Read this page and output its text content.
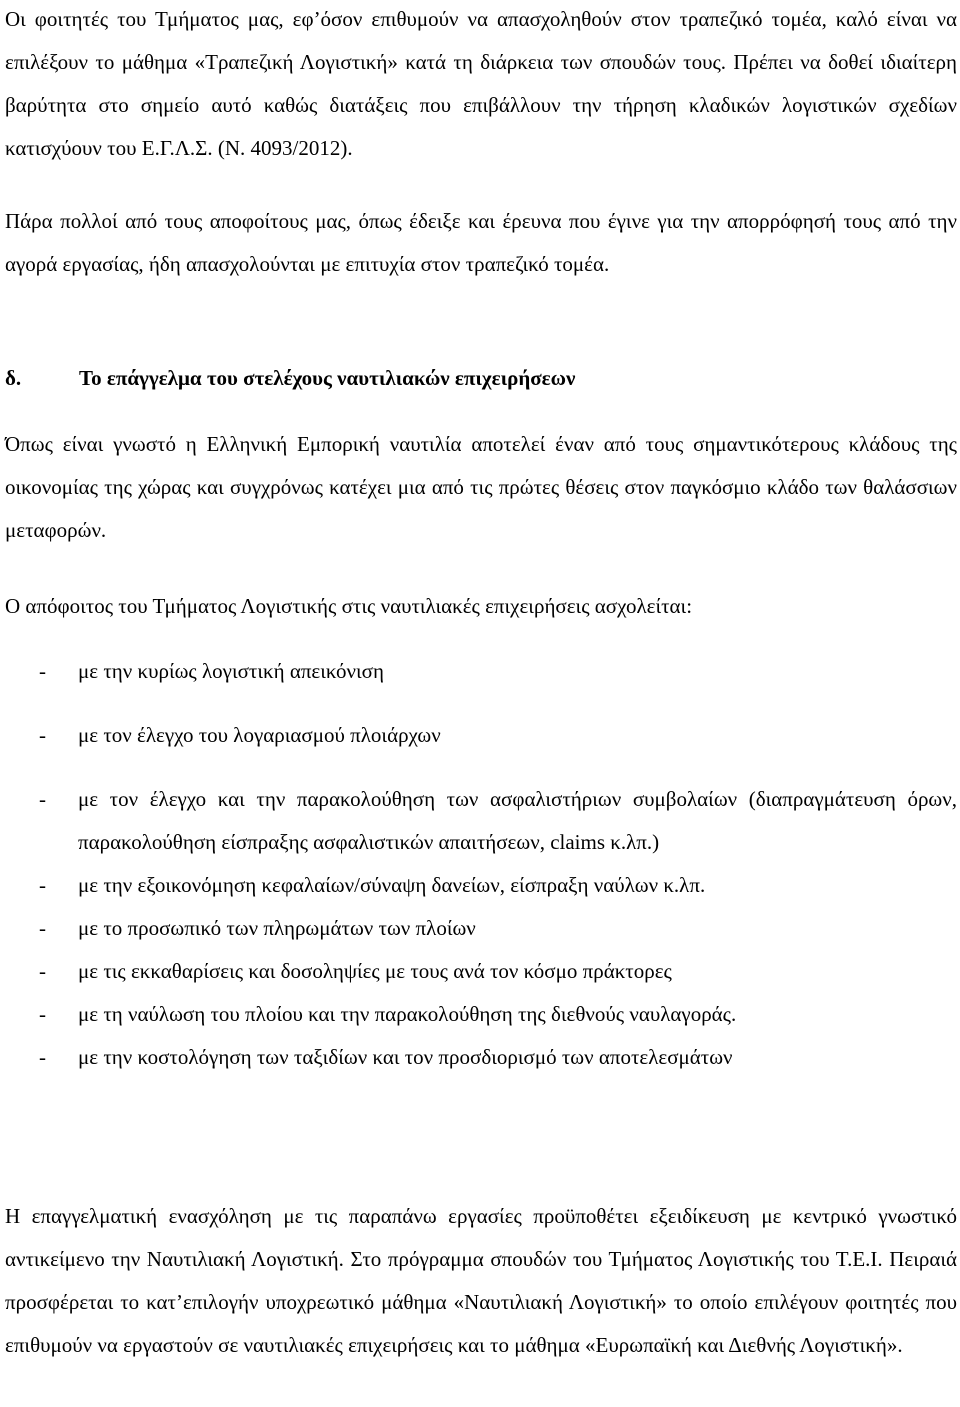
Οι φοιτητές του Τμήματος μας, εφ’όσον επιθυμούν να απασχοληθούν στον τραπεζικό τομέα, καλό είναι να επιλέξουν το μάθημα «Τραπεζική Λογιστική» κατά τη διάρκεια των σπουδών τους. Πρέπει να δοθεί ιδιαίτερη βαρύτητα στο σημείο αυτό καθώς διατάξεις που επιβάλλουν την τήρηση κλαδικών λογιστικών σχεδίων κατισχύουν του Ε.Γ.Λ.Σ. (Ν. 4093/2012).

Πάρα πολλοί από τους αποφοίτους μας, όπως έδειξε και έρευνα που έγινε για την απορρόφησή τους από την αγορά εργασίας, ήδη απασχολούνται με επιτυχία στον τραπεζικό τομέα.

δ.	Το επάγγελμα του στελέχους ναυτιλιακών επιχειρήσεων

Όπως είναι γνωστό η Ελληνική Εμπορική ναυτιλία αποτελεί έναν από τους σημαντικότερους κλάδους της οικονομίας της χώρας και συγχρόνως κατέχει μια από τις πρώτες θέσεις στον παγκόσμιο κλάδο των θαλάσσιων μεταφορών.

Ο απόφοιτος του Τμήματος Λογιστικής στις ναυτιλιακές επιχειρήσεις ασχολείται:

- με την κυρίως λογιστική απεικόνιση
- με τον έλεγχο του λογαριασμού πλοιάρχων
- με τον έλεγχο και την παρακολούθηση των ασφαλιστήριων συμβολαίων (διαπραγμάτευση όρων, παρακολούθηση είσπραξης ασφαλιστικών απαιτήσεων, claims κ.λπ.)
- με την εξοικονόμηση κεφαλαίων/σύναψη δανείων, είσπραξη ναύλων κ.λπ.
- με το προσωπικό των πληρωμάτων των πλοίων
- με τις εκκαθαρίσεις και δοσοληψίες με τους ανά τον κόσμο πράκτορες
- με τη ναύλωση του πλοίου και την παρακολούθηση της διεθνούς ναυλαγοράς.
- με την κοστολόγηση των ταξιδίων και τον προσδιορισμό των αποτελεσμάτων

Η επαγγελματική ενασχόληση με τις παραπάνω εργασίες προϋποθέτει εξειδίκευση με κεντρικό γνωστικό αντικείμενο την Ναυτιλιακή Λογιστική. Στο πρόγραμμα σπουδών του Τμήματος Λογιστικής του Τ.Ε.Ι. Πειραιά προσφέρεται το κατ’επιλογήν υποχρεωτικό μάθημα «Ναυτιλιακή Λογιστική» το οποίο επιλέγουν φοιτητές που επιθυμούν να εργαστούν σε ναυτιλιακές επιχειρήσεις και το μάθημα «Ευρωπαϊκή και Διεθνής Λογιστική».
